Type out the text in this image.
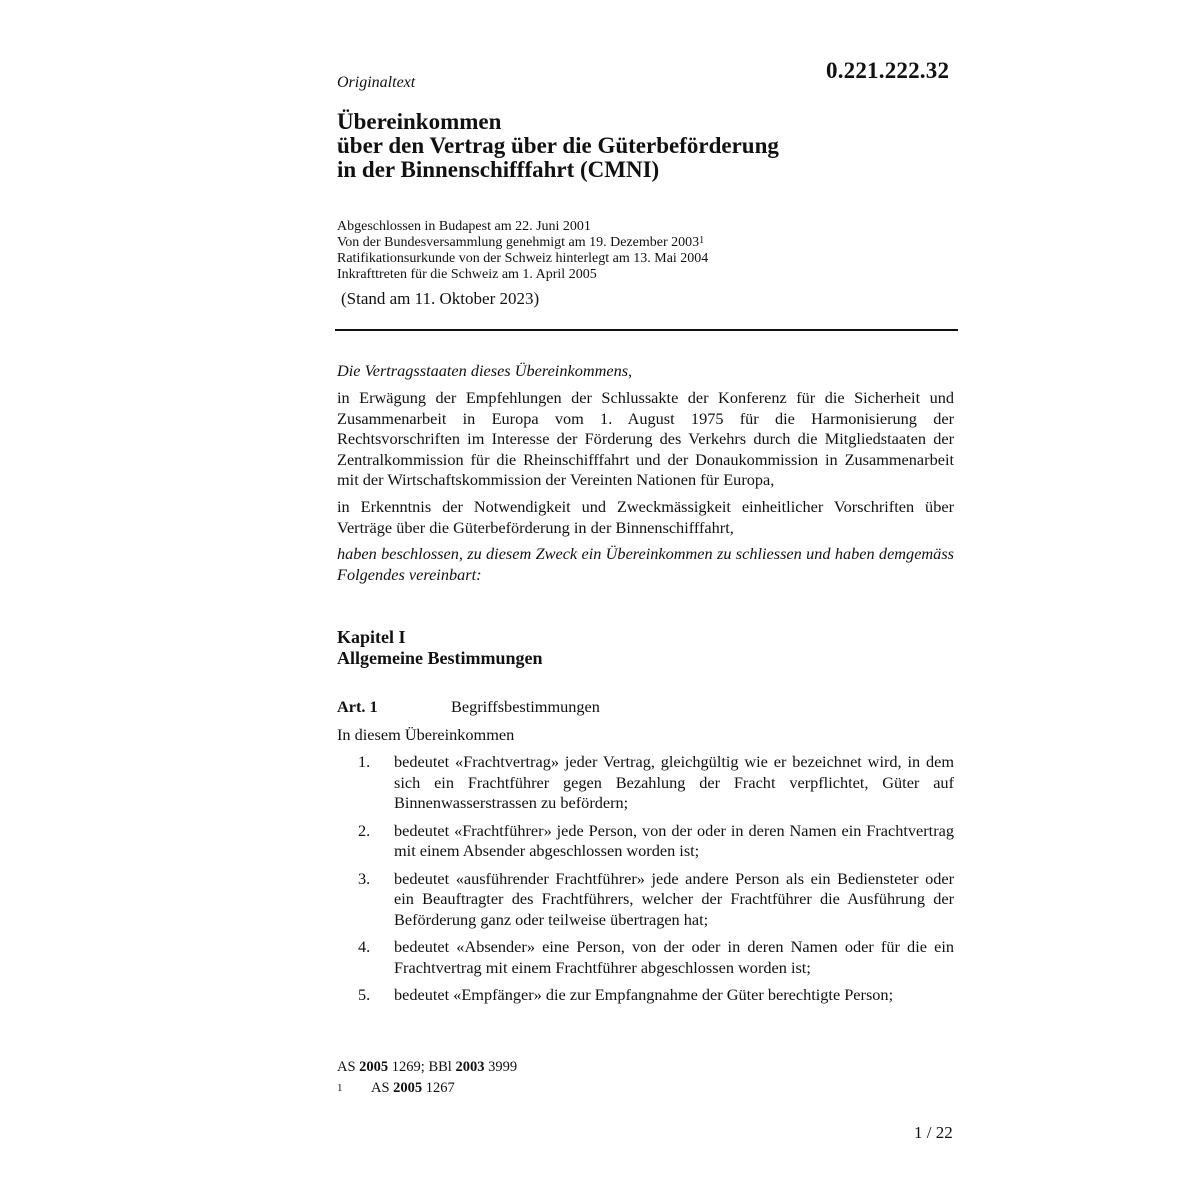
0.221.222.32
Originaltext
Übereinkommen
über den Vertrag über die Güterbeförderung
in der Binnenschifffahrt (CMNI)
Abgeschlossen in Budapest am 22. Juni 2001
Von der Bundesversammlung genehmigt am 19. Dezember 2003$^1$
Ratifikationsurkunde von der Schweiz hinterlegt am 13. Mai 2004
Inkrafttreten für die Schweiz am 1. April 2005
(Stand am 11. Oktober 2023)
Die Vertragsstaaten dieses Übereinkommens,
in Erwägung der Empfehlungen der Schlussakte der Konferenz für die Sicherheit und Zusammenarbeit in Europa vom 1. August 1975 für die Harmonisierung der Rechtsvorschriften im Interesse der Förderung des Verkehrs durch die Mitgliedstaaten der Zentralkommission für die Rheinschifffahrt und der Donaukommission in Zusammenarbeit mit der Wirtschaftskommission der Vereinten Nationen für Europa,
in Erkenntnis der Notwendigkeit und Zweckmässigkeit einheitlicher Vorschriften über Verträge über die Güterbeförderung in der Binnenschifffahrt,
haben beschlossen, zu diesem Zweck ein Übereinkommen zu schliessen und haben demgemäss Folgendes vereinbart:
Kapitel I
Allgemeine Bestimmungen
Art. 1	Begriffsbestimmungen
In diesem Übereinkommen
1. bedeutet «Frachtvertrag» jeder Vertrag, gleichgültig wie er bezeichnet wird, in dem sich ein Frachtführer gegen Bezahlung der Fracht verpflichtet, Güter auf Binnenwasserstrassen zu befördern;
2. bedeutet «Frachtführer» jede Person, von der oder in deren Namen ein Frachtvertrag mit einem Absender abgeschlossen worden ist;
3. bedeutet «ausführender Frachtführer» jede andere Person als ein Bediensteter oder ein Beauftragter des Frachtführers, welcher der Frachtführer die Ausführung der Beförderung ganz oder teilweise übertragen hat;
4. bedeutet «Absender» eine Person, von der oder in deren Namen oder für die ein Frachtvertrag mit einem Frachtführer abgeschlossen worden ist;
5. bedeutet «Empfänger» die zur Empfangnahme der Güter berechtigte Person;
AS 2005 1269; BBl 2003 3999
1 AS 2005 1267
1 / 22
